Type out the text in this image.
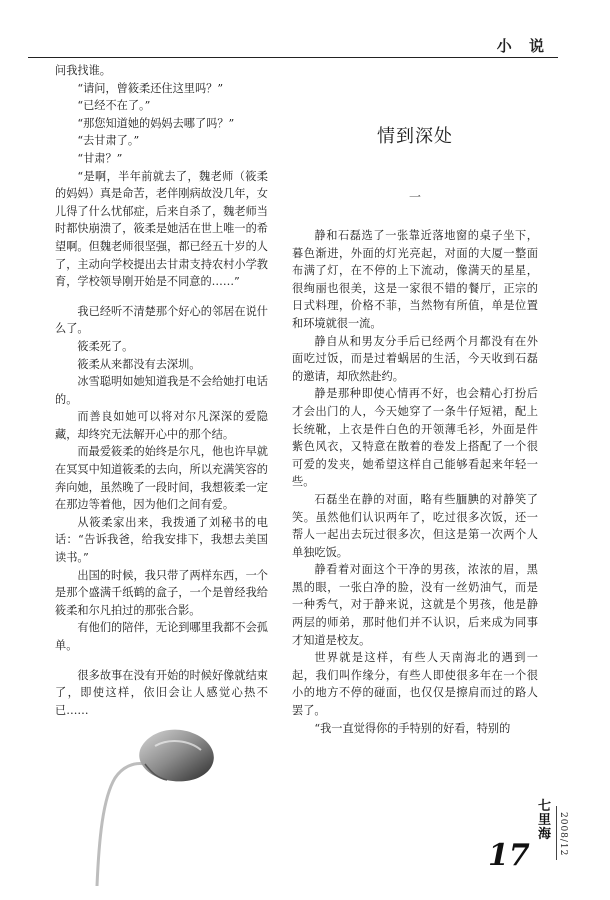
小 说

问我找谁。

“请问，曾筱柔还住这里吗？”

“已经不在了。”

“那您知道她的妈妈去哪了吗？”

“去甘肃了。”

“甘肃？”

“是啊，半年前就去了，魏老师（筱柔的妈妈）真是命苦，老伴刚病故没几年，女儿得了什么忧郁症，后来自杀了，魏老师当时都快崩溃了，筱柔是她活在世上唯一的希望啊。但魏老师很坚强，都已经五十岁的人了，主动向学校提出去甘肃支持农村小学教育，学校领导刚开始是不同意的……”

我已经听不清楚那个好心的邻居在说什么了。

筱柔死了。

筱柔从来都没有去深圳。

冰雪聪明如她知道我是不会给她打电话的。

而善良如她可以将对尔凡深深的爱隐藏，却终究无法解开心中的那个结。

而最爱筱柔的始终是尔凡，他也许早就在冥冥中知道筱柔的去向，所以充满笑容的奔向她，虽然晚了一段时间，我想筱柔一定在那边等着他，因为他们之间有爱。

从筱柔家出来，我拨通了刘秘书的电话：“告诉我爸，给我安排下，我想去美国读书。”

出国的时候，我只带了两样东西，一个是那个盛满千纸鹤的盒子，一个是曾经我给筱柔和尔凡拍过的那张合影。

有他们的陪伴，无论到哪里我都不会孤单。

很多故事在没有开始的时候好像就结束了，即使这样，依旧会让人感觉心热不已……

情到深处
一

静和石磊选了一张靠近落地窗的桌子坐下，暮色渐进，外面的灯光亮起，对面的大厦一整面布满了灯，在不停的上下流动，像满天的星星，很绚丽也很美，这是一家很不错的餐厅，正宗的日式料理，价格不菲，当然物有所值，单是位置和环境就很一流。

静自从和男友分手后已经两个月都没有在外面吃过饭，而是过着蜗居的生活，今天收到石磊的邀请，却欣然赴约。

静是那种即使心情再不好，也会精心打扮后才会出门的人，今天她穿了一条牛仔短裙，配上长统靴，上衣是件白色的开领薄毛衫，外面是件紫色风衣，又特意在散着的卷发上搭配了一个很可爱的发夹，她希望这样自己能够看起来年轻一些。

石磊坐在静的对面，略有些腼腆的对静笑了笑。虽然他们认识两年了，吃过很多次饭，还一帮人一起出去玩过很多次，但这是第一次两个人单独吃饭。

静看着对面这个干净的男孩，浓浓的眉，黑黑的眼，一张白净的脸，没有一丝奶油气，而是一种秀气，对于静来说，这就是个男孩，他是静两层的师弟，那时他们并不认识，后来成为同事才知道是校友。

世界就是这样，有些人天南海北的遇到一起，我们叫作缘分，有些人即使很多年在一个很小的地方不停的碰面，也仅仅是擦肩而过的路人罢了。

“我一直觉得你的手特别的好看，特别的

七里海 2008/12
17
